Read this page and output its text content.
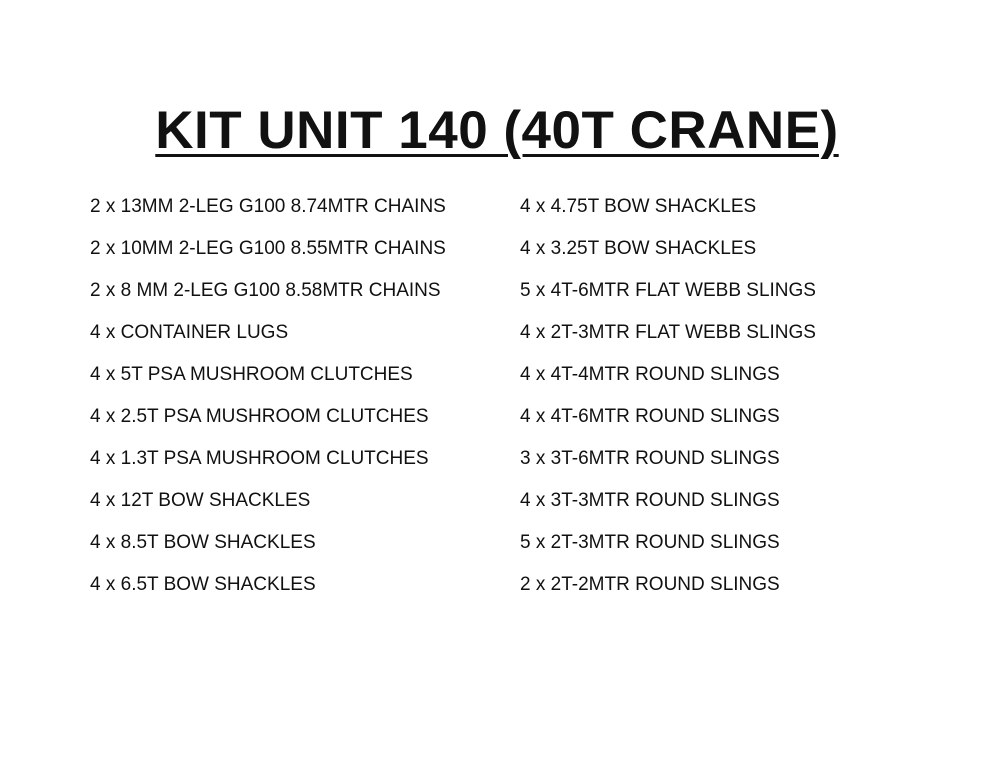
KIT UNIT 140 (40T CRANE)
2 x 13MM 2-LEG G100 8.74MTR CHAINS
2 x 10MM 2-LEG G100 8.55MTR CHAINS
2 x 8 MM 2-LEG G100 8.58MTR CHAINS
4 x CONTAINER LUGS
4 x 5T PSA MUSHROOM CLUTCHES
4 x 2.5T PSA MUSHROOM CLUTCHES
4 x 1.3T PSA MUSHROOM CLUTCHES
4 x 12T BOW SHACKLES
4 x 8.5T BOW SHACKLES
4 x 6.5T BOW SHACKLES
4 x 4.75T BOW SHACKLES
4 x 3.25T BOW SHACKLES
5 x 4T-6MTR FLAT WEBB SLINGS
4 x 2T-3MTR FLAT WEBB SLINGS
4 x 4T-4MTR ROUND SLINGS
4 x 4T-6MTR ROUND SLINGS
3 x 3T-6MTR ROUND SLINGS
4 x 3T-3MTR ROUND SLINGS
5 x 2T-3MTR ROUND SLINGS
2 x 2T-2MTR ROUND SLINGS
